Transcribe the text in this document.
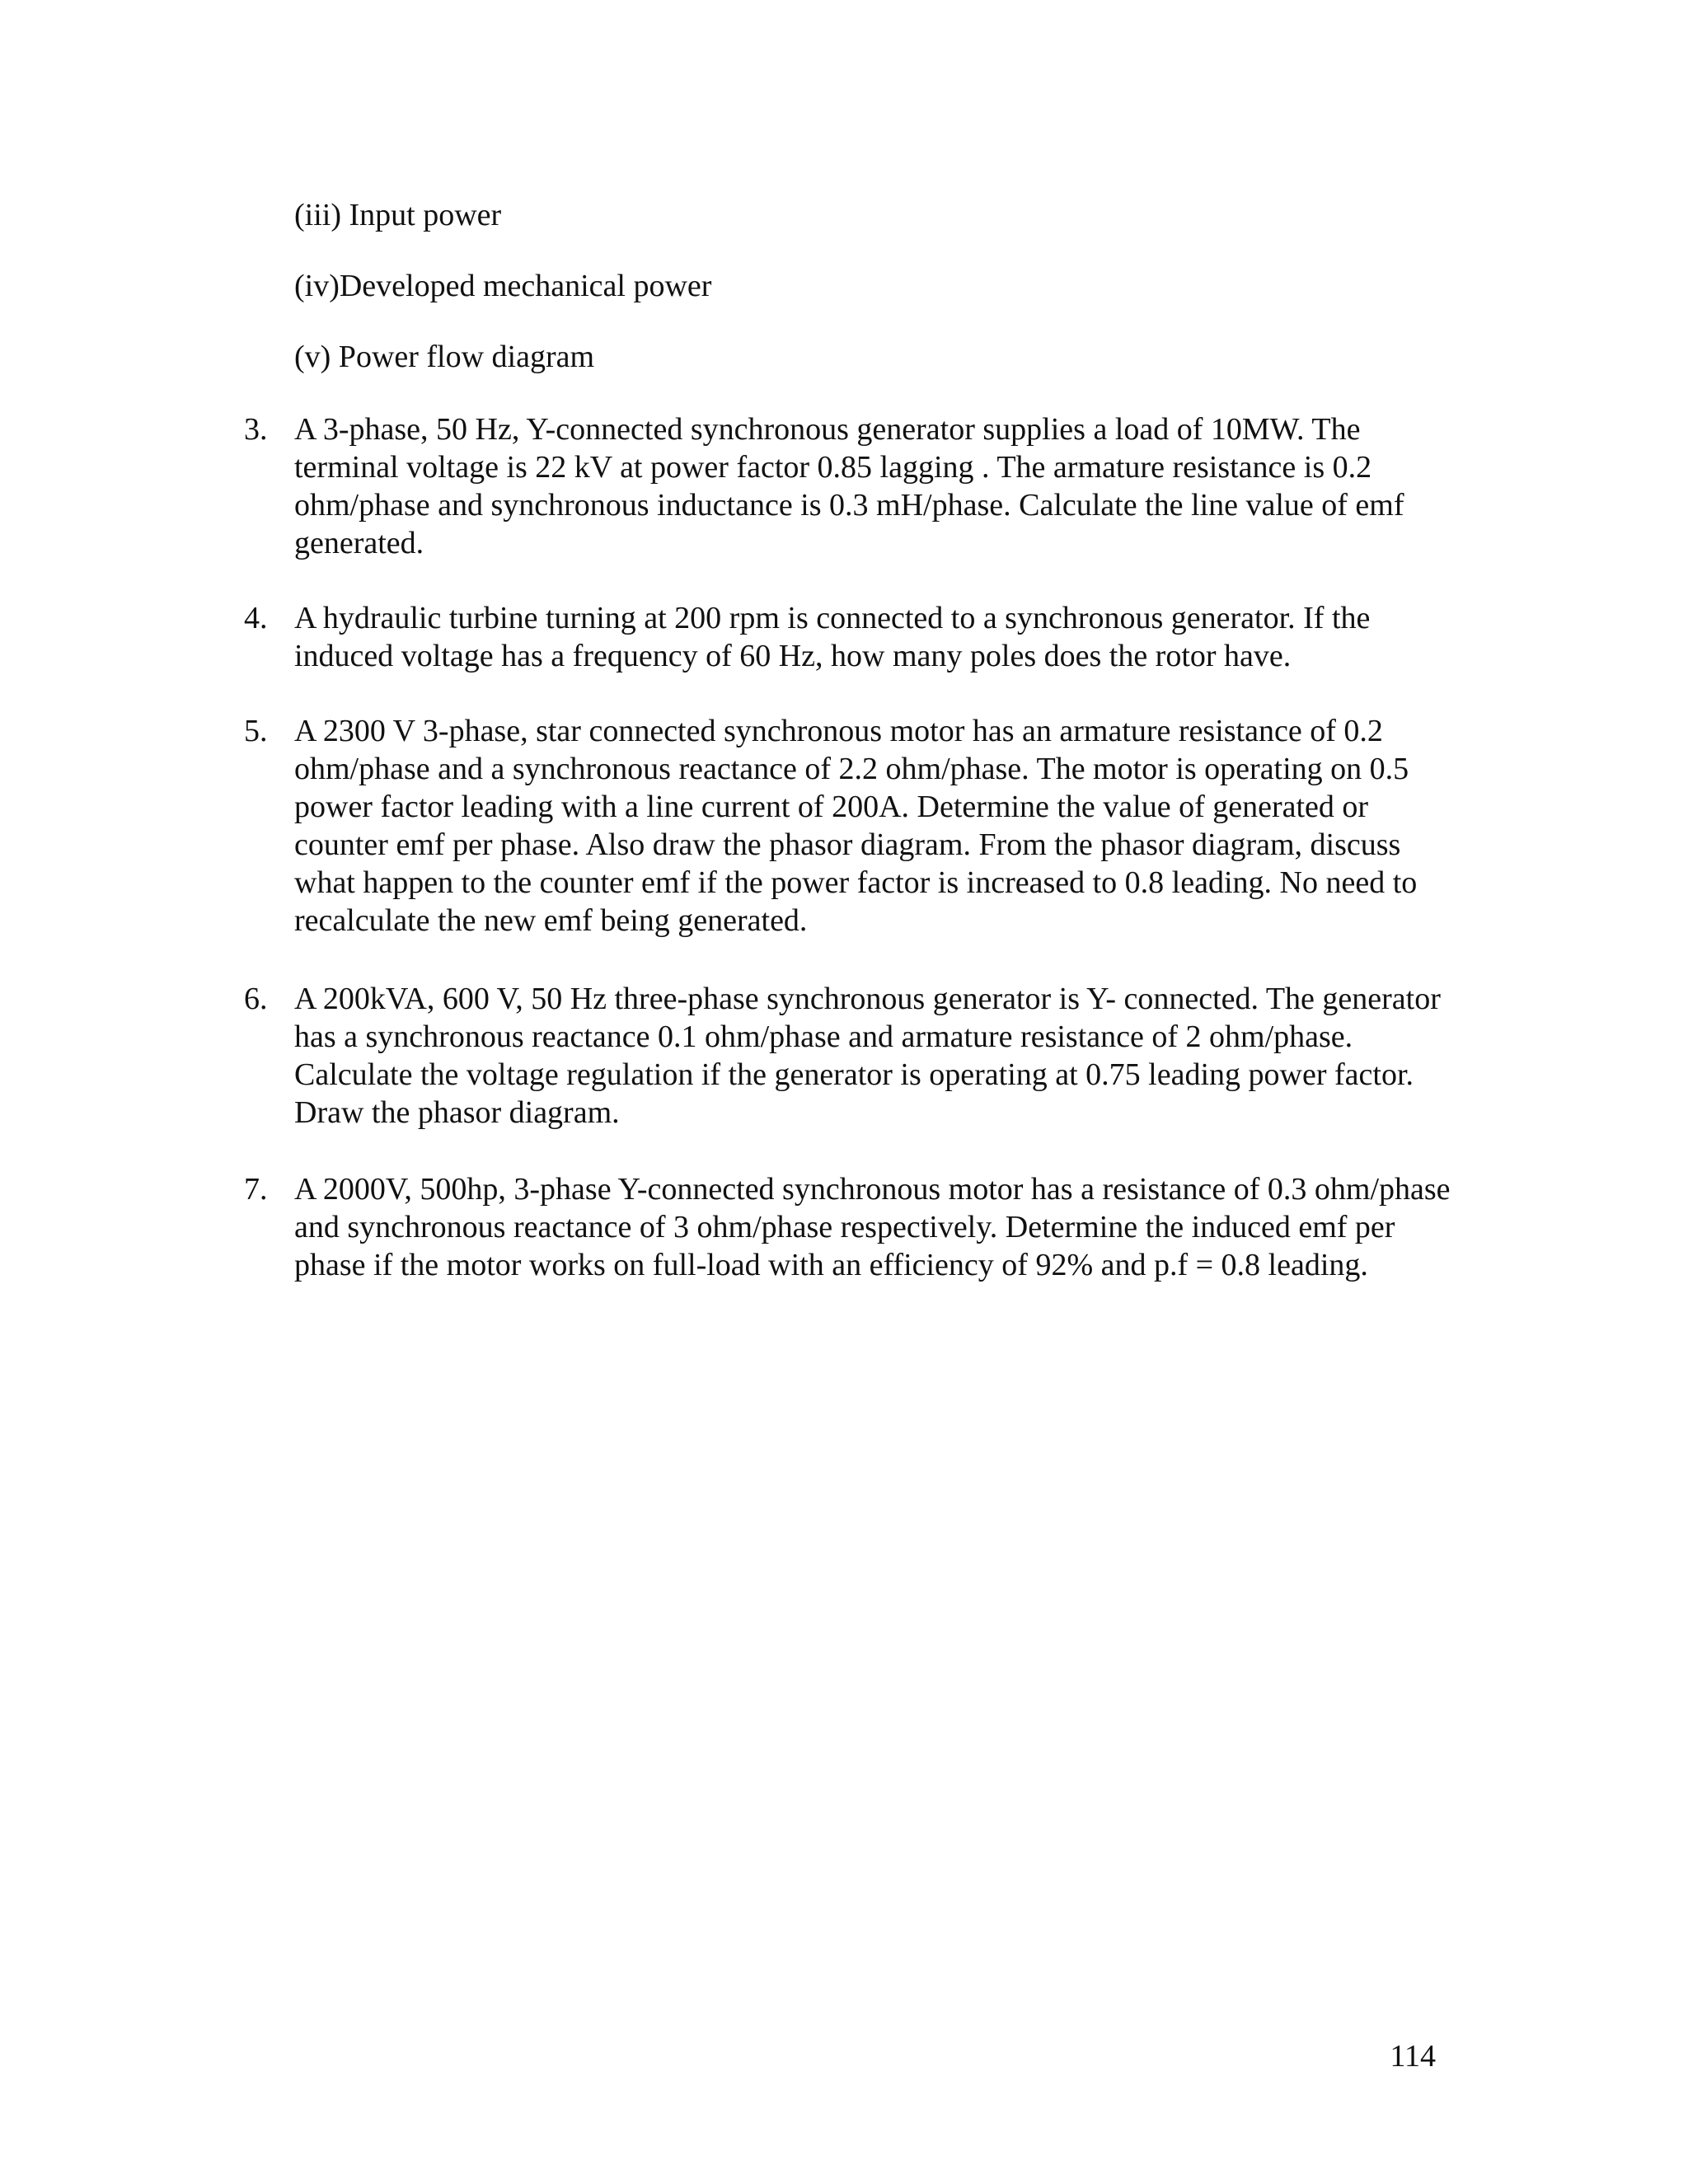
(iii) Input power
(iv)Developed mechanical power
(v) Power flow diagram
3. A 3-phase, 50 Hz, Y-connected synchronous generator supplies a load of 10MW. The terminal voltage is 22 kV at power factor 0.85 lagging . The armature resistance is 0.2 ohm/phase and synchronous inductance is 0.3 mH/phase. Calculate the line value of emf generated.
4. A hydraulic turbine turning at 200 rpm is connected to a synchronous generator. If the induced voltage has a frequency of 60 Hz, how many poles does the rotor have.
5. A 2300 V 3-phase, star connected synchronous motor has an armature resistance of 0.2 ohm/phase and a synchronous reactance of 2.2 ohm/phase. The motor is operating on 0.5 power factor leading with a line current of 200A. Determine the value of generated or counter emf per phase. Also draw the phasor diagram. From the phasor diagram, discuss what happen to the counter emf if the power factor is increased to 0.8 leading. No need to recalculate the new emf being generated.
6. A 200kVA, 600 V, 50 Hz three-phase synchronous generator is Y- connected. The generator has a synchronous reactance 0.1 ohm/phase and armature resistance of 2 ohm/phase. Calculate the voltage regulation if the generator is operating at 0.75 leading power factor. Draw the phasor diagram.
7. A 2000V, 500hp, 3-phase Y-connected synchronous motor has a resistance of 0.3 ohm/phase and synchronous reactance of 3 ohm/phase respectively. Determine the induced emf per phase if the motor works on full-load with an efficiency of 92% and p.f = 0.8 leading.
114
